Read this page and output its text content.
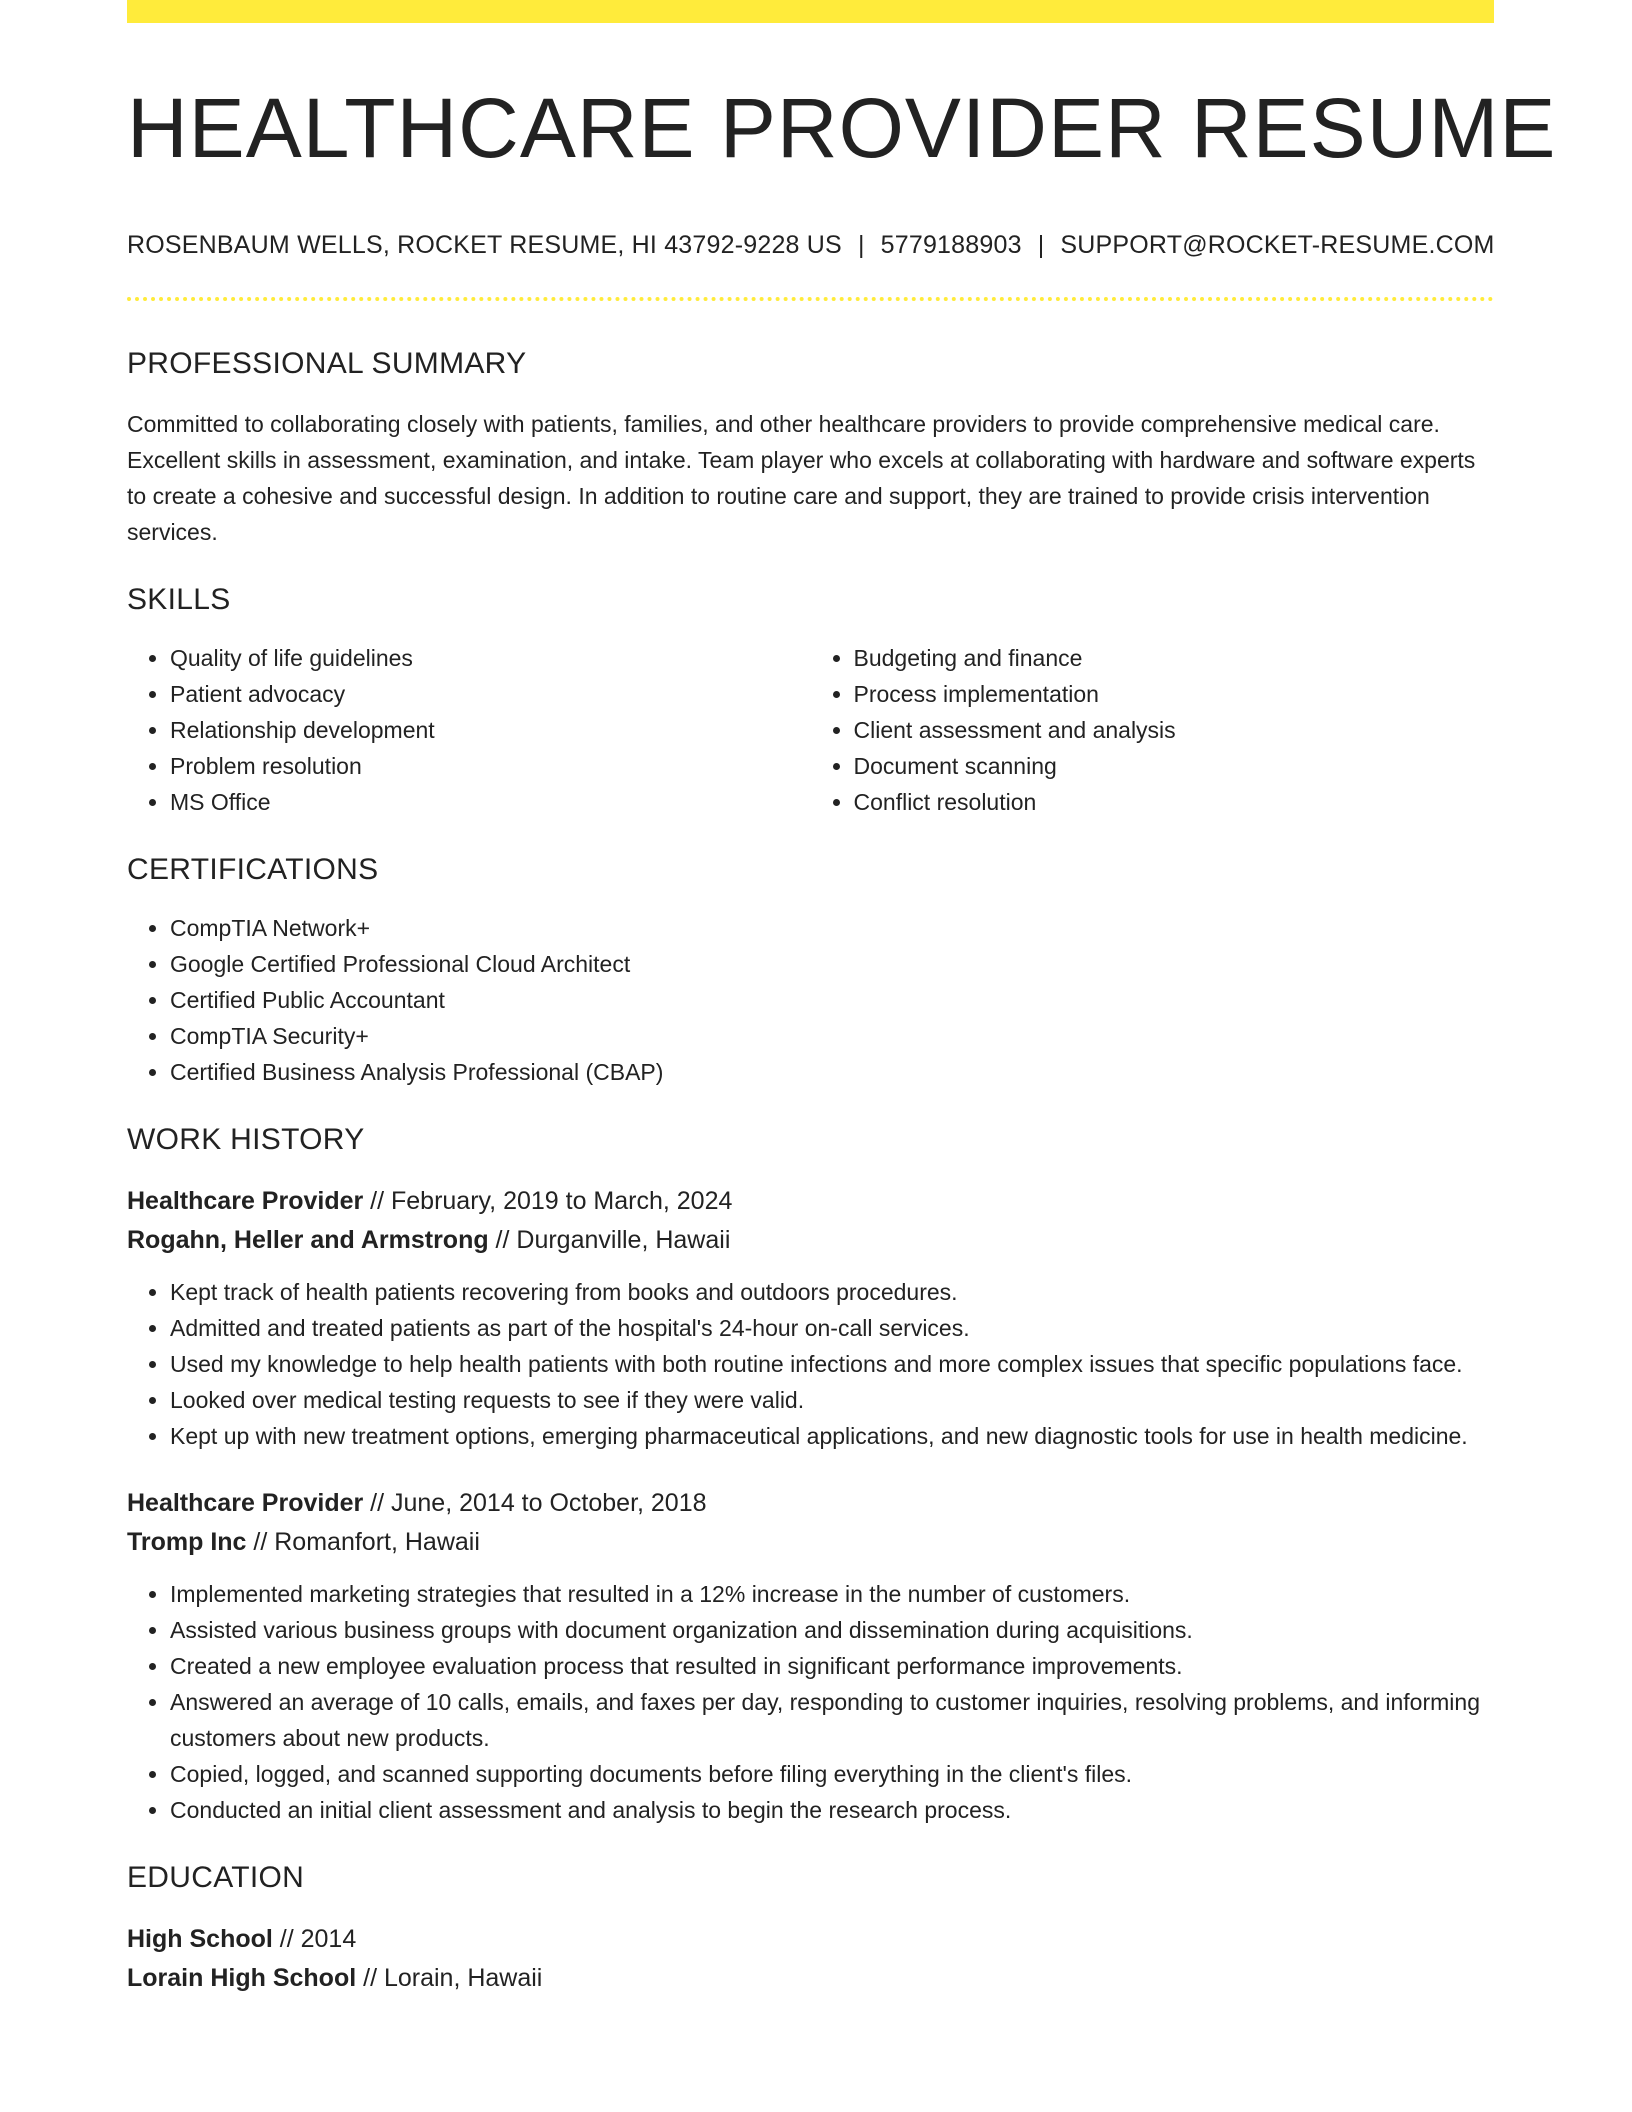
HEALTHCARE PROVIDER RESUME
ROSENBAUM WELLS, ROCKET RESUME, HI 43792-9228 US | 5779188903 | SUPPORT@ROCKET-RESUME.COM
PROFESSIONAL SUMMARY

Committed to collaborating closely with patients, families, and other healthcare providers to provide comprehensive medical care. Excellent skills in assessment, examination, and intake. Team player who excels at collaborating with hardware and software experts to create a cohesive and successful design. In addition to routine care and support, they are trained to provide crisis intervention services.

SKILLS
• Quality of life guidelines
• Patient advocacy
• Relationship development
• Problem resolution
• MS Office
• Budgeting and finance
• Process implementation
• Client assessment and analysis
• Document scanning
• Conflict resolution
CERTIFICATIONS
• CompTIA Network+
• Google Certified Professional Cloud Architect
• Certified Public Accountant
• CompTIA Security+
• Certified Business Analysis Professional (CBAP)
WORK HISTORY
Healthcare Provider // February, 2019 to March, 2024
Rogahn, Heller and Armstrong // Durganville, Hawaii
• Kept track of health patients recovering from books and outdoors procedures.
• Admitted and treated patients as part of the hospital's 24-hour on-call services.
• Used my knowledge to help health patients with both routine infections and more complex issues that specific populations face.
• Looked over medical testing requests to see if they were valid.
• Kept up with new treatment options, emerging pharmaceutical applications, and new diagnostic tools for use in health medicine.
Healthcare Provider // June, 2014 to October, 2018
Tromp Inc // Romanfort, Hawaii
• Implemented marketing strategies that resulted in a 12% increase in the number of customers.
• Assisted various business groups with document organization and dissemination during acquisitions.
• Created a new employee evaluation process that resulted in significant performance improvements.
• Answered an average of 10 calls, emails, and faxes per day, responding to customer inquiries, resolving problems, and informing customers about new products.
• Copied, logged, and scanned supporting documents before filing everything in the client's files.
• Conducted an initial client assessment and analysis to begin the research process.
EDUCATION
High School // 2014
Lorain High School // Lorain, Hawaii
